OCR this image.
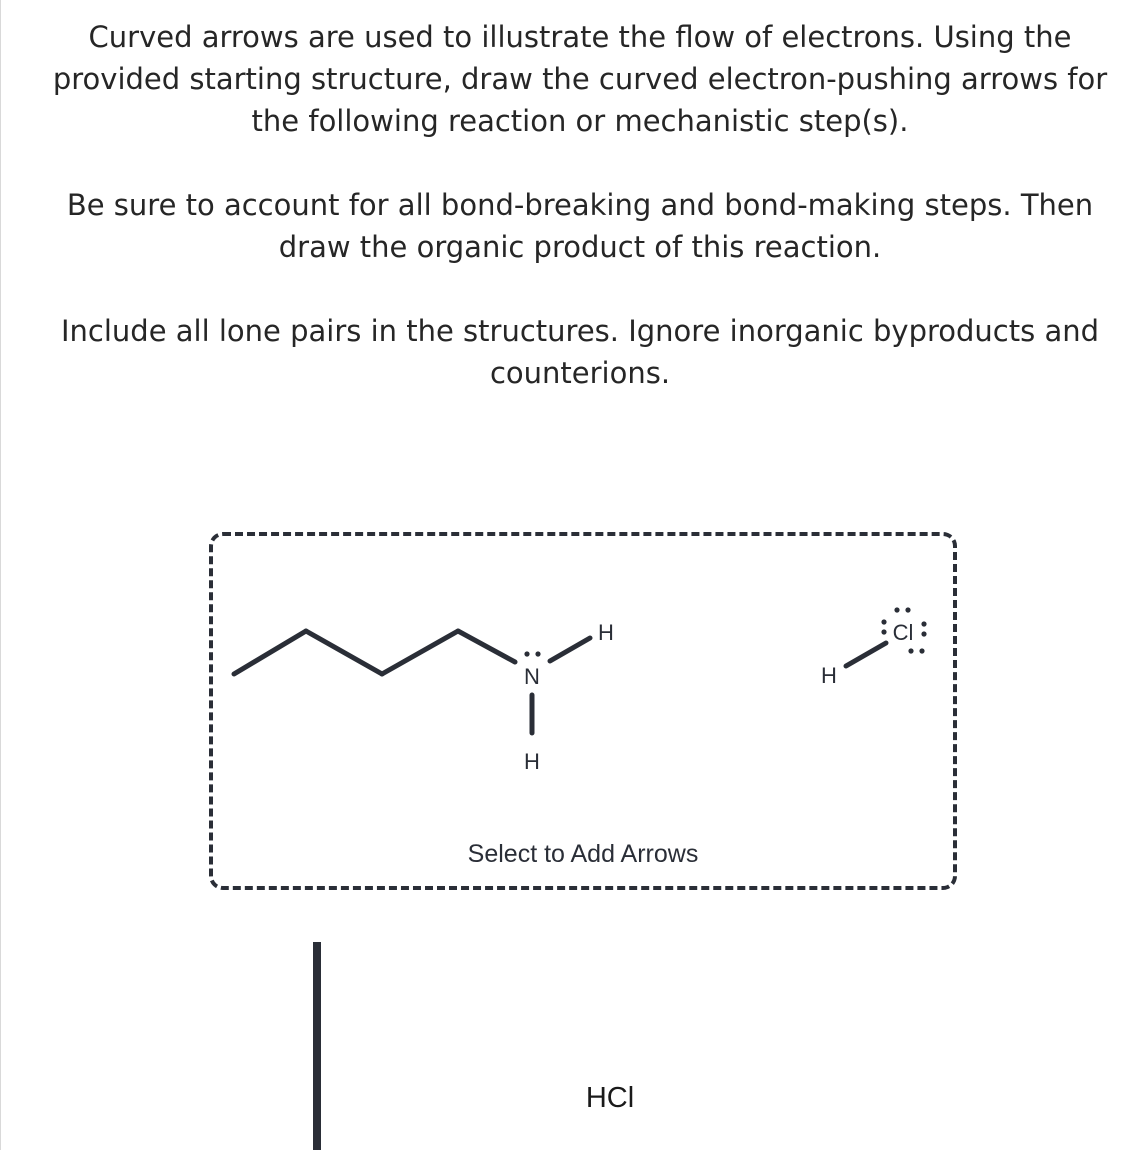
Curved arrows are used to illustrate the flow of electrons. Using the provided starting structure, draw the curved electron-pushing arrows for the following reaction or mechanistic step(s).

Be sure to account for all bond-breaking and bond-making steps. Then draw the organic product of this reaction.

Include all lone pairs in the structures. Ignore inorganic byproducts and counterions.

N
H
H
H
Cl
Select to Add Arrows
HCl
